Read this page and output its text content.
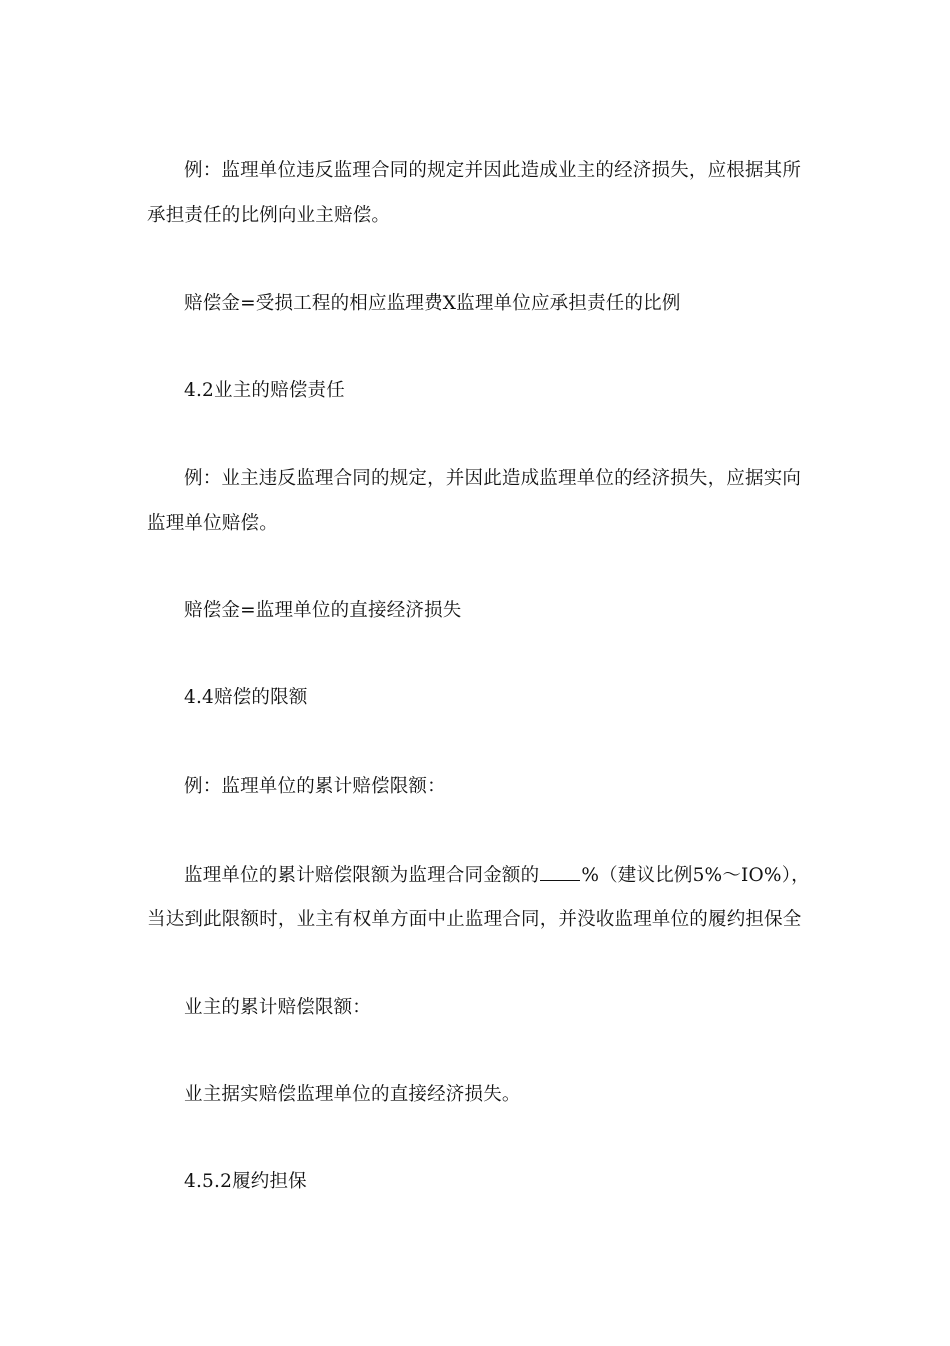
例：监理单位违反监理合同的规定并因此造成业主的经济损失，应根据其所
承担责任的比例向业主赔偿。
赔偿金=受损工程的相应监理费X监理单位应承担责任的比例
4.2业主的赔偿责任
例：业主违反监理合同的规定，并因此造成监理单位的经济损失，应据实向
监理单位赔偿。
赔偿金=监理单位的直接经济损失
4.4赔偿的限额
例：监理单位的累计赔偿限额：
监理单位的累计赔偿限额为监理合同金额的 %（建议比例5%～IO%），
当达到此限额时，业主有权单方面中止监理合同，并没收监理单位的履约担保全
业主的累计赔偿限额：
业主据实赔偿监理单位的直接经济损失。
4.5.2履约担保
